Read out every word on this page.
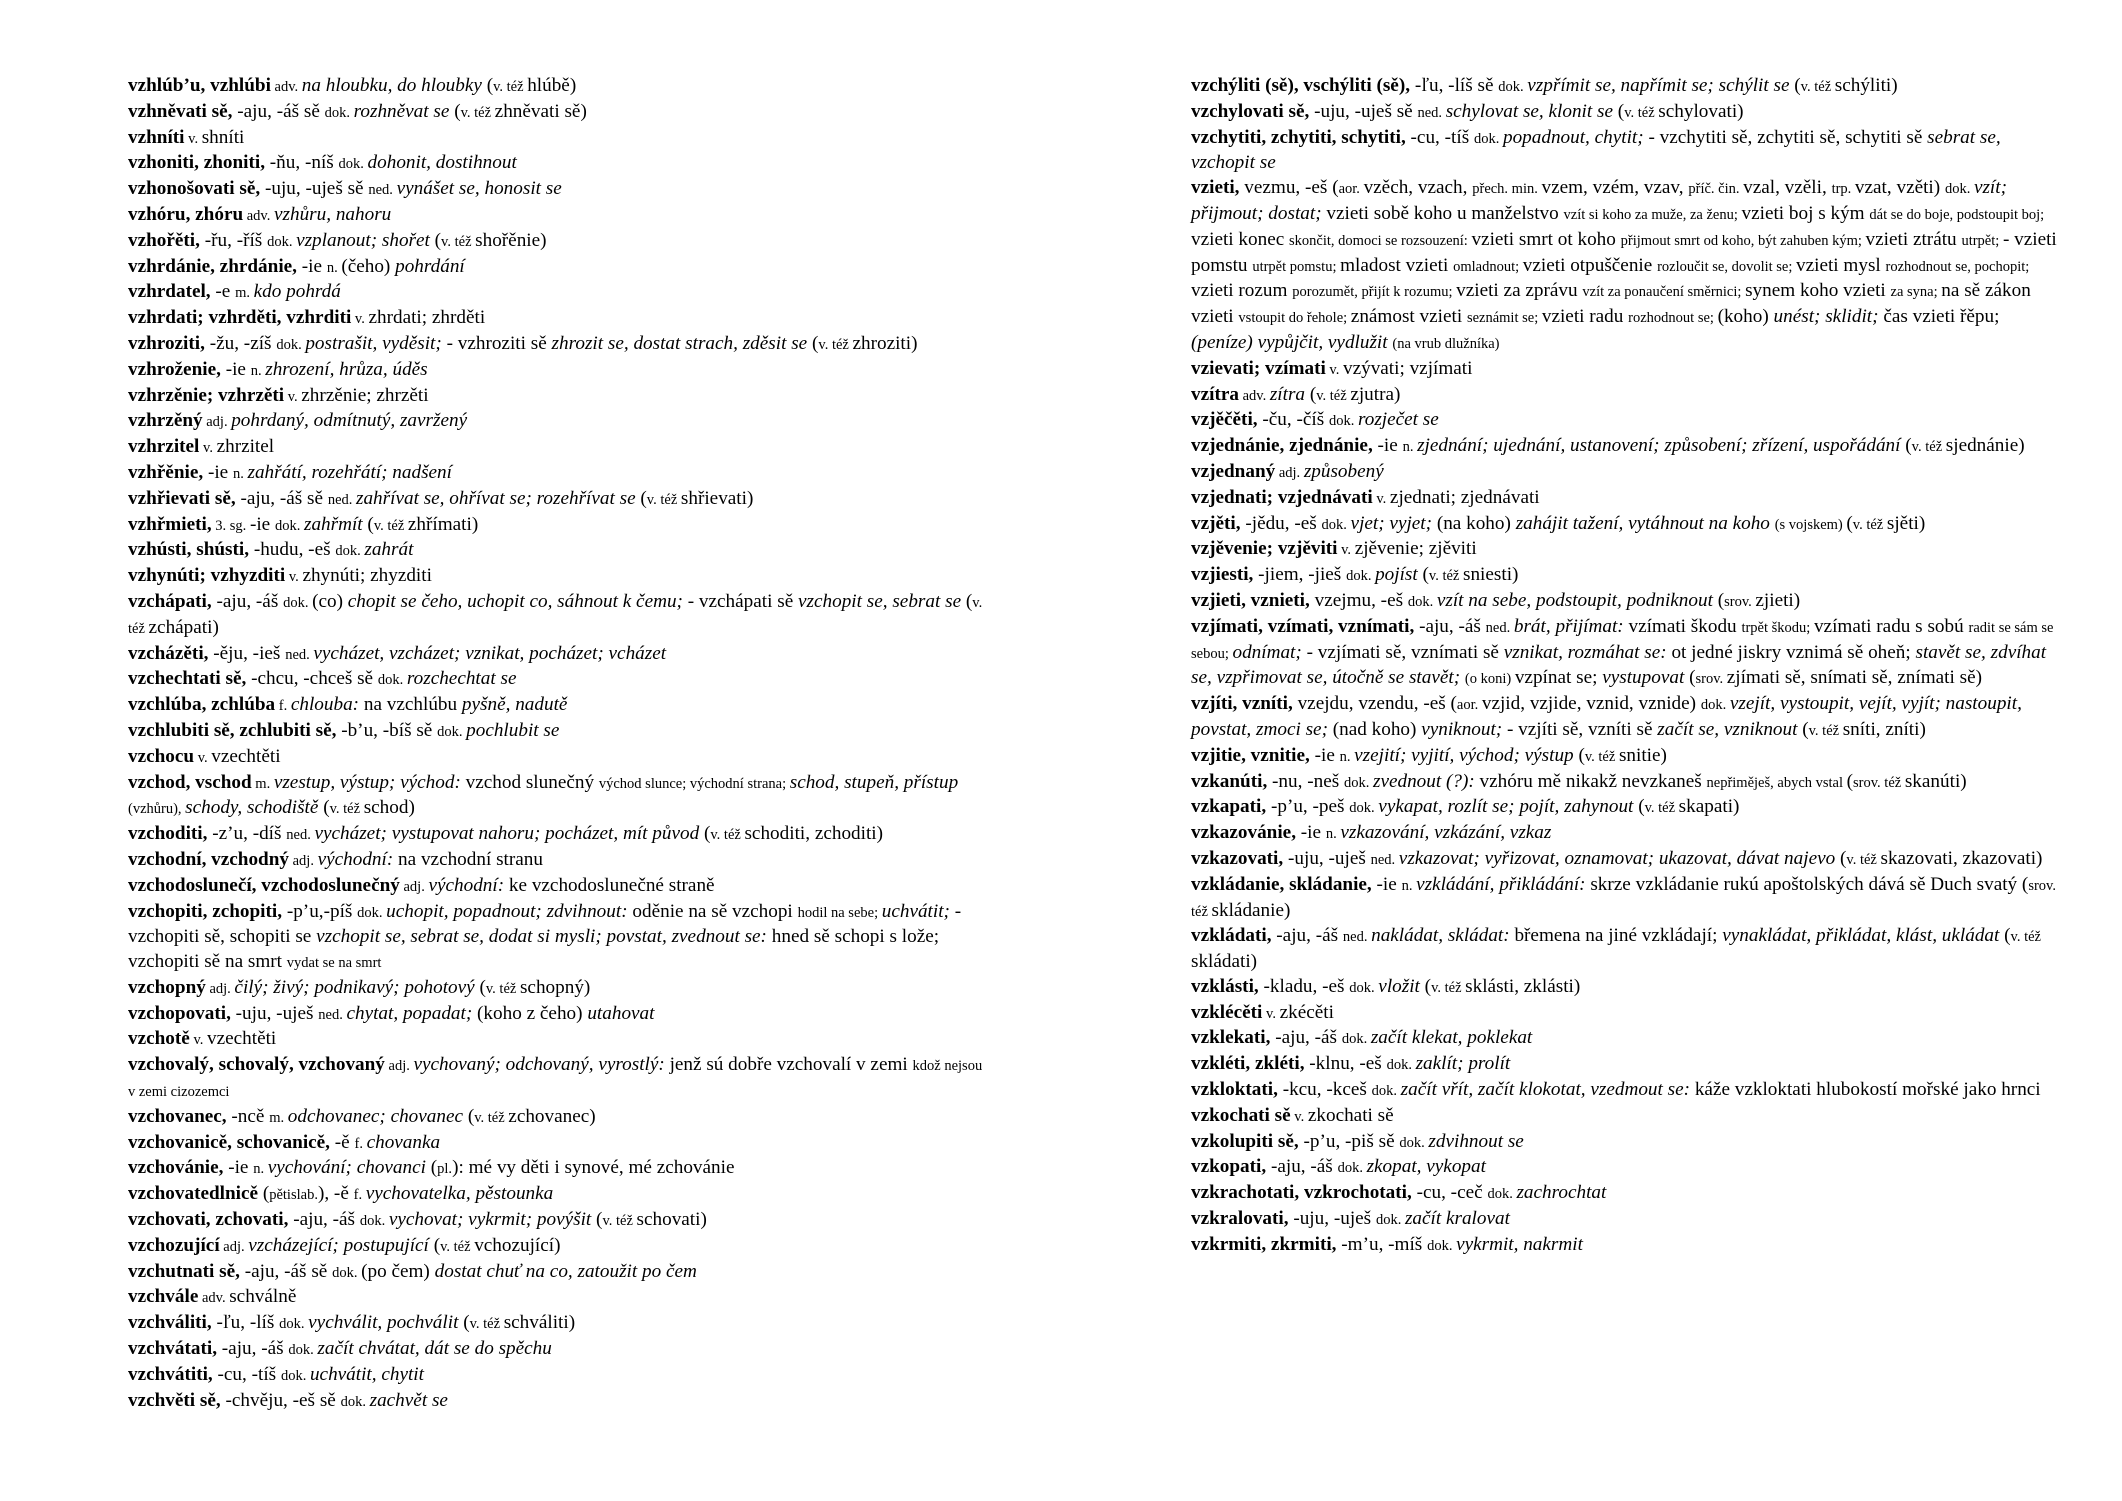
vzhlúb’u, vzhlúbi adv. na hloubku, do hloubky (v. též hlúbě)

vzhněvati sě, -aju, -áš sě dok. rozhněvat se (v. též zhněvati sě)

vzhníti v. shníti

vzhoniti, zhoniti, -ňu, -níš dok. dohonit, dostihnout

vzhonošovati sě, -uju, -uješ sě ned. vynášet se, honosit se

vzhóru, zhóru adv. vzhůru, nahoru

vzhořěti, -řu, -říš dok. vzplanout; shořet (v. též shořěnie)

vzhrdánie, zhrdánie, -ie n. (čeho) pohrdání

vzhrdatel, -e m. kdo pohrdá

vzhrdati; vzhrděti, vzhrditi v. zhrdati; zhrděti

vzhroziti, -žu, -zíš dok. postrašit, vyděsit; - vzhroziti sě zhrozit se, dostat strach, zděsit se (v. též zhroziti)

vzhroženie, -ie n. zhrození, hrůza, úděs

vzhrzěnie; vzhrzěti v. zhrzěnie; zhrzěti

vzhrzěný adj. pohrdaný, odmítnutý, zavržený

vzhrzitel v. zhrzitel

vzhřěnie, -ie n. zahřátí, rozehřátí; nadšení

vzhřievati sě, -aju, -áš sě ned. zahřívat se, ohřívat se; rozehřívat se (v. též shřievati)

vzhřmieti, 3. sg. -ie dok. zahřmít (v. též zhřímati)

vzhústi, shústi, -hudu, -eš dok. zahrát

vzhynúti; vzhyzditi v. zhynúti; zhyzditi

vzchápati, -aju, -áš dok. (co) chopit se čeho, uchopit co, sáhnout k čemu; - vzchápati sě vzchopit se, sebrat se (v. též zchápati)

vzcházěti, -ěju, -ieš ned. vycházet, vzcházet; vznikat, pocházet; vcházet

vzchechtati sě, -chcu, -chceš sě dok. rozchechtat se

vzchlúba, zchlúba f. chlouba: na vzchlúbu pyšně, nadutě

vzchlubiti sě, zchlubiti sě, -b’u, -bíš sě dok. pochlubit se

vzchocu v. vzechtěti

vzchod, vschod m. vzestup, výstup; východ: vzchod slunečný východ slunce; východní strana; schod, stupeň, přístup (vzhůru), schody, schodiště (v. též schod)

vzchoditi, -z’u, -díš ned. vycházet; vystupovat nahoru; pocházet, mít původ (v. též schoditi, zchoditi)

vzchodní, vzchodný adj. východní: na vzchodní stranu

vzchodoslunečí, vzchodoslunečný adj. východní: ke vzchodoslunečné straně

vzchopiti, zchopiti, -p’u,-píš dok. uchopit, popadnout; zdvihnout: oděnie na sě vzchopi hodil na sebe; uchvátit; - vzchopiti sě, schopiti se vzchopit se, sebrat se, dodat si mysli; povstat, zvednout se: hned sě schopi s lože; vzchopiti sě na smrt vydat se na smrt

vzchopný adj. čilý; živý; podnikavý; pohotový (v. též schopný)

vzchopovati, -uju, -uješ ned. chytat, popadat; (koho z čeho) utahovat

vzchotě v. vzechtěti

vzchovalý, schovalý, vzchovaný adj. vychovaný; odchovaný, vyrostlý: jenž sú dobře vzchovalí v zemi kdož nejsou v zemi cizozemci

vzchovanec, -ncě m. odchovanec; chovanec (v. též zchovanec)

vzchovanicě, schovanicě, -ě f. chovanka

vzchovánie, -ie n. vychování; chovanci (pl.): mé vy děti i synové, mé zchovánie

vzchovatedlnicě (pětislab.), -ě f. vychovatelka, pěstounka

vzchovati, zchovati, -aju, -áš dok. vychovat; vykrmit; povýšit (v. též schovati)

vzchozující adj. vzcházející; postupující (v. též vchozující)

vzchutnati sě, -aju, -áš sě dok. (po čem) dostat chuť na co, zatoužit po čem

vzchvále adv. schválně

vzchváliti, -ľu, -líš dok. vychválit, pochválit (v. též schváliti)

vzchvátati, -aju, -áš dok. začít chvátat, dát se do spěchu

vzchvátiti, -cu, -tíš dok. uchvátit, chytit

vzchvěti sě, -chvěju, -eš sě dok. zachvět se

vzchýliti (sě), vschýliti (sě), -ľu, -líš sě dok. vzpřímit se, napřímit se; schýlit se (v. též schýliti)

vzchylovati sě, -uju, -uješ sě ned. schylovat se, klonit se (v. též schylovati)

vzchytiti, zchytiti, schytiti, -cu, -tíš dok. popadnout, chytit; - vzchytiti sě, zchytiti sě, schytiti sě sebrat se, vzchopit se

vzieti, vezmu, -eš (aor. vzěch, vzach, přech. min. vzem, vzém, vzav, příč. čin. vzal, vzěli, trp. vzat, vzěti) dok. vzít; přijmout; dostat; vzieti sobě koho u manželstvo vzít si koho za muže, za ženu; vzieti boj s kým dát se do boje, podstoupit boj; vzieti konec skončit, domoci se rozsouzení: vzieti smrt ot koho přijmout smrt od koho, být zahuben kým; vzieti ztrátu utrpět; - vzieti pomstu utrpět pomstu; mladost vzieti omladnout; vzieti otpuščenie rozloučit se, dovolit se; vzieti mysl rozhodnout se, pochopit; vzieti rozum porozumět, přijít k rozumu; vzieti za zprávu vzít za ponaučení směrnici; synem koho vzieti za syna; na sě zákon vzieti vstoupit do řehole; známost vzieti seznámit se; vzieti radu rozhodnout se; (koho) unést; sklidit; čas vzieti řěpu; (peníze) vypůjčit, vydlužit (na vrub dlužníka)

vzievati; vzímati v. vzývati; vzjímati

vzítra adv. zítra (v. též zjutra)

vzjěčěti, -ču, -číš dok. rozječet se

vzjednánie, zjednánie, -ie n. zjednání; ujednání, ustanovení; způsobení; zřízení, uspořádání (v. též sjednánie)

vzjednaný adj. způsobený

vzjednati; vzjednávati v. zjednati; zjednávati

vzjěti, -jědu, -eš dok. vjet; vyjet; (na koho) zahájit tažení, vytáhnout na koho (s vojskem) (v. též sjěti)

vzjěvenie; vzjěviti v. zjěvenie; zjěviti

vzjiesti, -jiem, -jieš dok. pojíst (v. též sniesti)

vzjieti, vznieti, vzejmu, -eš dok. vzít na sebe, podstoupit, podniknout (srov. zjieti)

vzjímati, vzímati, vznímati, -aju, -áš ned. brát, přijímat: vzímati škodu trpět škodu; vzímati radu s sobú radit se sám se sebou; odnímat; - vzjímati sě, vznímati sě vznikat, rozmáhat se: ot jedné jiskry vznimá sě oheň; stavět se, zdvíhat se, vzpřimovat se, útočně se stavět; (o koni) vzpínat se; vystupovat (srov. zjímati sě, snímati sě, znímati sě)

vzjíti, vzníti, vzejdu, vzendu, -eš (aor. vzjid, vzjide, vznid, vznide) dok. vzejít, vystoupit, vejít, vyjít; nastoupit, povstat, zmoci se; (nad koho) vyniknout; - vzjíti sě, vzníti sě začít se, vzniknout (v. též sníti, zníti)

vzjitie, vznitie, -ie n. vzejití; vyjití, východ; výstup (v. též snitie)

vzkanúti, -nu, -neš dok. zvednout (?): vzhóru mě nikakž nevzkaneš nepřiměješ, abych vstal (srov. též skanúti)

vzkapati, -p’u, -peš dok. vykapat, rozlít se; pojít, zahynout (v. též skapati)

vzkazovánie, -ie n. vzkazování, vzkázání, vzkaz

vzkazovati, -uju, -uješ ned. vzkazovat; vyřizovat, oznamovat; ukazovat, dávat najevo (v. též skazovati, zkazovati)

vzkládanie, skládanie, -ie n. vzkládání, přikládání: skrze vzkládanie rukú apoštolských dává sě Duch svatý (srov. též skládanie)

vzkládati, -aju, -áš ned. nakládat, skládat: břemena na jiné vzkládají; vynakládat, přikládat, klást, ukládat (v. též skládati)

vzklásti, -kladu, -eš dok. vložit (v. též sklásti, zklásti)

vzklécěti v. zkécěti

vzklekati, -aju, -áš dok. začít klekat, poklekat

vzkléti, zkléti, -klnu, -eš dok. zaklít; prolít

vzkloktati, -kcu, -kceš dok. začít vřít, začít klokotat, vzedmout se: káže vzkloktati hlubokostí mořské jako hrnci

vzkochati sě v. zkochati sě

vzkolupiti sě, -p’u, -piš sě dok. zdvihnout se

vzkopati, -aju, -áš dok. zkopat, vykopat

vzkrachotati, vzkrochotati, -cu, -ceč dok. zachrochtat

vzkralovati, -uju, -uješ dok. začít kralovat

vzkrmiti, zkrmiti, -m’u, -míš dok. vykrmit, nakrmit
